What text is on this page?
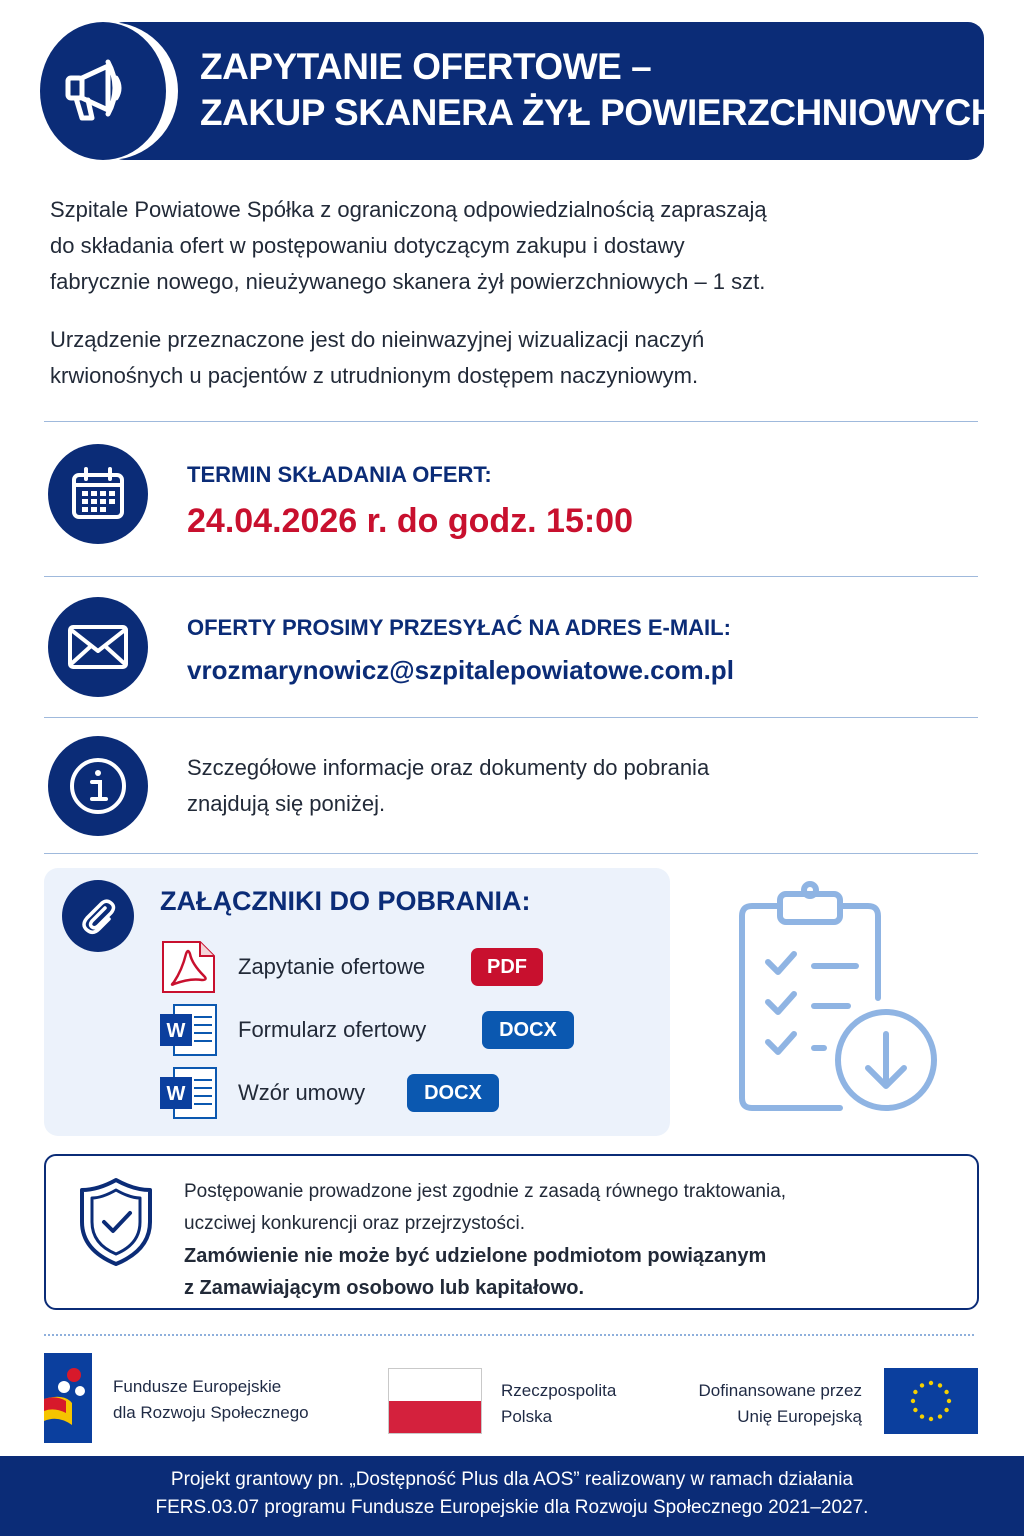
ZAPYTANIE OFERTOWE –
ZAKUP SKANERA ŻYŁ POWIERZCHNIOWYCH

Szpitale Powiatowe Spółka z ograniczoną odpowiedzialnością zapraszają

do składania ofert w postępowaniu dotyczącym zakupu i dostawy

fabrycznie nowego, nieużywanego skanera żył powierzchniowych – 1 szt.

Urządzenie przeznaczone jest do nieinwazyjnej wizualizacji naczyń

krwionośnych u pacjentów z utrudnionym dostępem naczyniowym.

TERMIN SKŁADANIA OFERT:
24.04.2026 r. do godz. 15:00
OFERTY PROSIMY PRZESYŁAĆ NA ADRES E-MAIL:
vrozmarynowicz@szpitalepowiatowe.com.pl
Szczegółowe informacje oraz dokumenty do pobrania
znajdują się poniżej.
ZAŁĄCZNIKI DO POBRANIA:
Zapytanie ofertowe	PDF
W Formularz ofertowy	DOCX
W Wzór umowy	DOCX
Postępowanie prowadzone jest zgodnie z zasadą równego traktowania,
uczciwej konkurencji oraz przejrzystości.
Zamówienie nie może być udzielone podmiotom powiązanym
z Zamawiającym osobowo lub kapitałowo.
Fundusze Europejskie
dla Rozwoju Społecznego
Rzeczpospolita
Polska
Dofinansowane przez
Unię Europejską
Projekt grantowy pn. „Dostępność Plus dla AOS” realizowany w ramach działania
FERS.03.07 programu Fundusze Europejskie dla Rozwoju Społecznego 2021–2027.
